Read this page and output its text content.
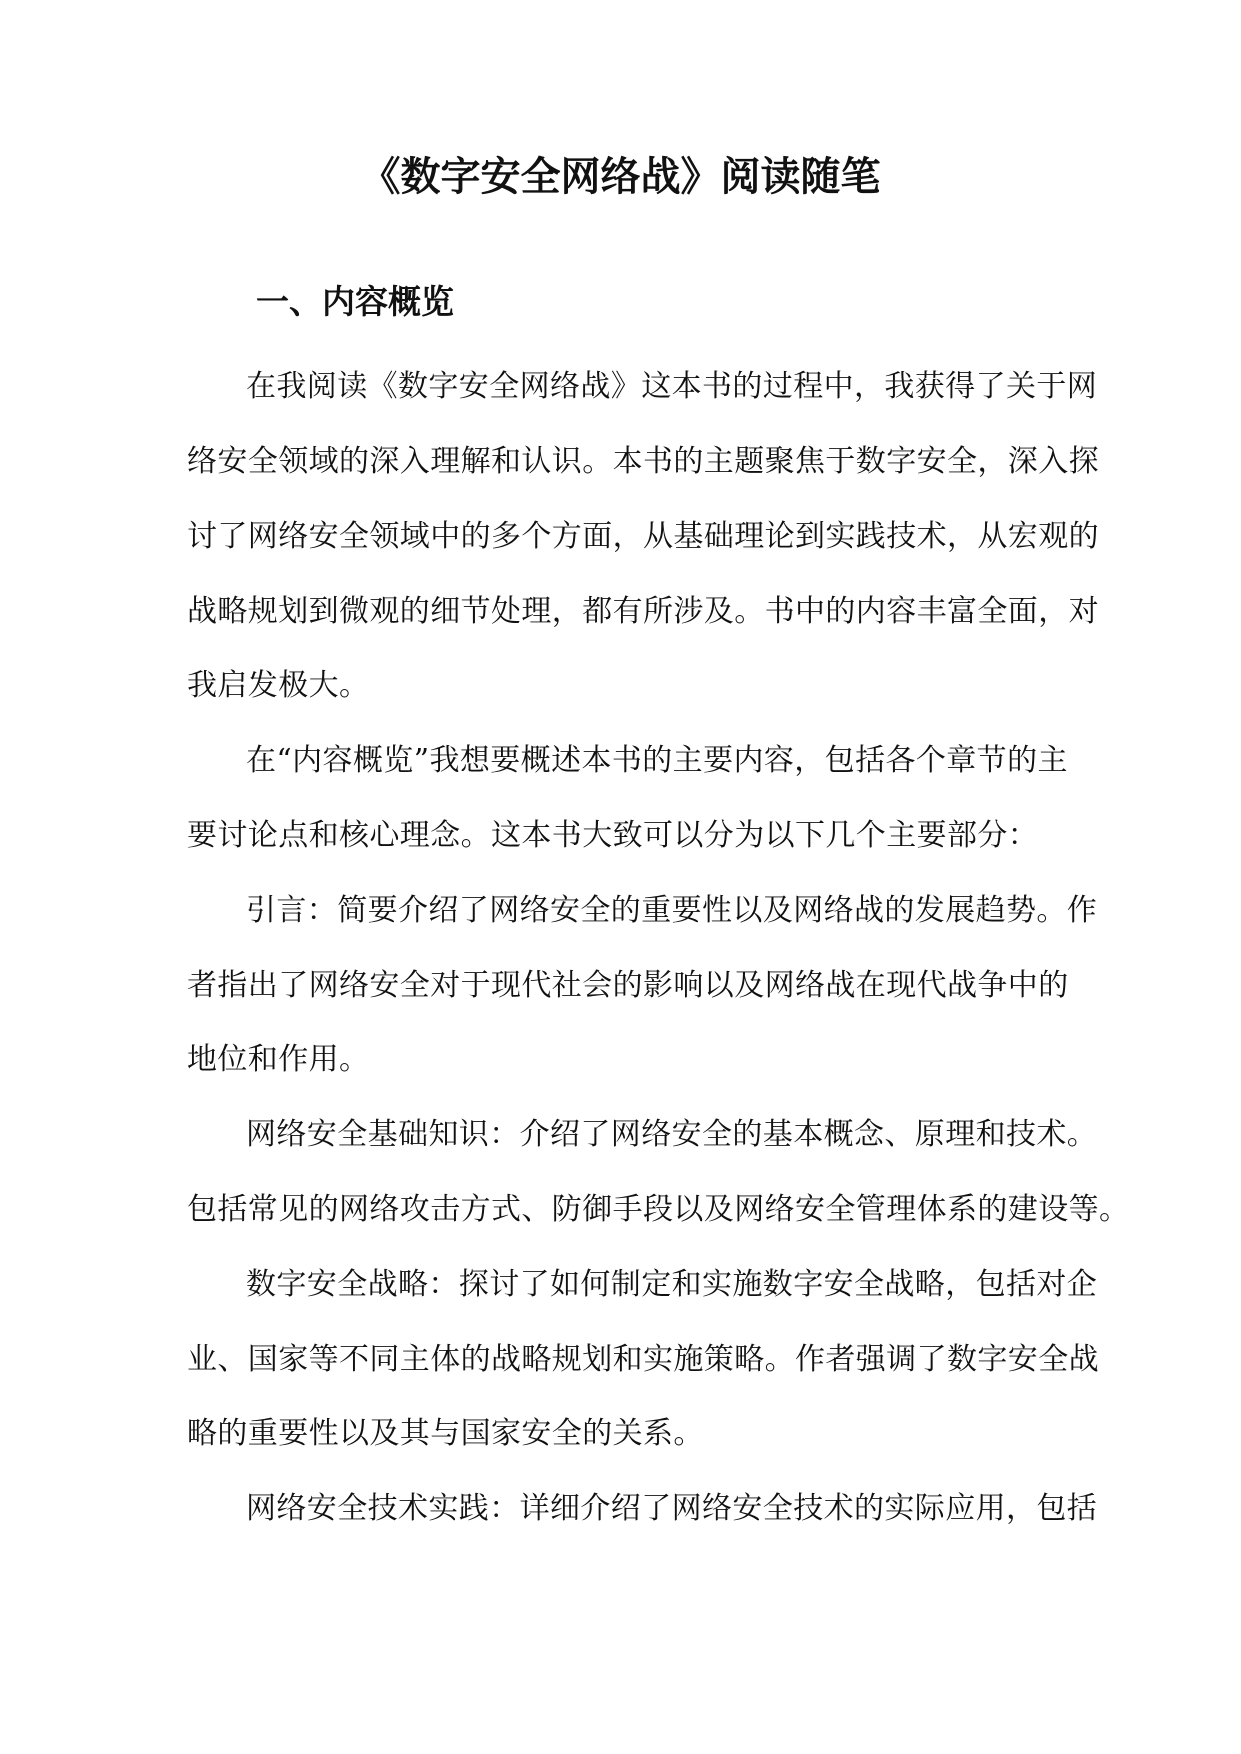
《数字安全网络战》阅读随笔
一、内容概览
在我阅读《数字安全网络战》这本书的过程中，我获得了关于网
络安全领域的深入理解和认识。本书的主题聚焦于数字安全，深入探
讨了网络安全领域中的多个方面，从基础理论到实践技术，从宏观的
战略规划到微观的细节处理，都有所涉及。书中的内容丰富全面，对
我启发极大。
在“内容概览”我想要概述本书的主要内容，包括各个章节的主
要讨论点和核心理念。这本书大致可以分为以下几个主要部分：
引言：简要介绍了网络安全的重要性以及网络战的发展趋势。作
者指出了网络安全对于现代社会的影响以及网络战在现代战争中的
地位和作用。
网络安全基础知识：介绍了网络安全的基本概念、原理和技术。
包括常见的网络攻击方式、防御手段以及网络安全管理体系的建设等。
数字安全战略：探讨了如何制定和实施数字安全战略，包括对企
业、国家等不同主体的战略规划和实施策略。作者强调了数字安全战
略的重要性以及其与国家安全的关系。
网络安全技术实践：详细介绍了网络安全技术的实际应用，包括
